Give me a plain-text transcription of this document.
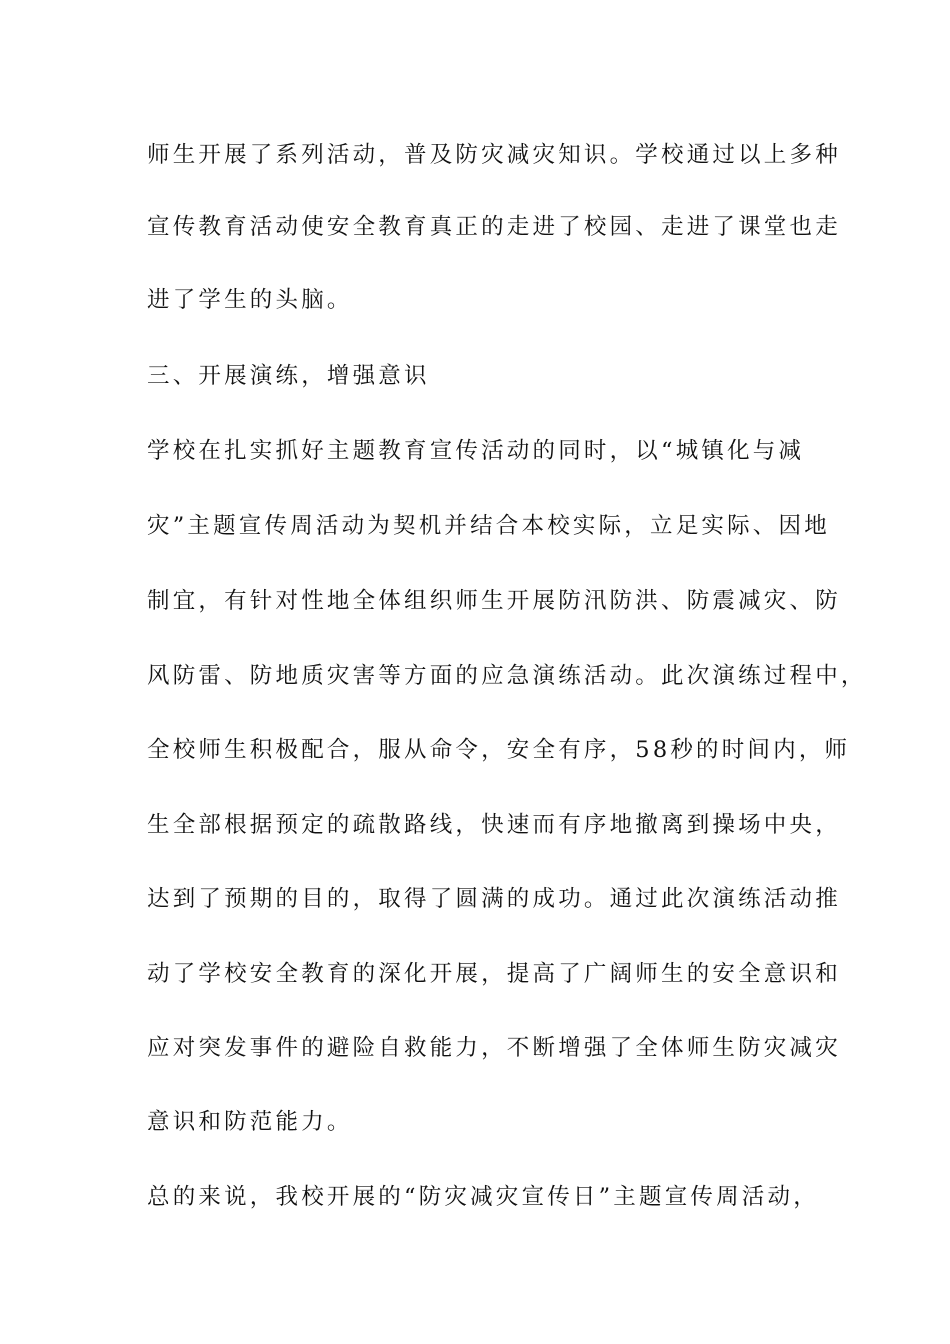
师生开展了系列活动，普及防灾减灾知识。学校通过以上多种
宣传教育活动使安全教育真正的走进了校园、走进了课堂也走
进了学生的头脑。
三、开展演练，增强意识
学校在扎实抓好主题教育宣传活动的同时，以“城镇化与减
灾”主题宣传周活动为契机并结合本校实际，立足实际、因地
制宜，有针对性地全体组织师生开展防汛防洪、防震减灾、防
风防雷、防地质灾害等方面的应急演练活动。此次演练过程中，
全校师生积极配合，服从命令，安全有序，58秒的时间内，师
生全部根据预定的疏散路线，快速而有序地撤离到操场中央，
达到了预期的目的，取得了圆满的成功。通过此次演练活动推
动了学校安全教育的深化开展，提高了广阔师生的安全意识和
应对突发事件的避险自救能力，不断增强了全体师生防灾减灾
意识和防范能力。
总的来说，我校开展的“防灾减灾宣传日”主题宣传周活动，
